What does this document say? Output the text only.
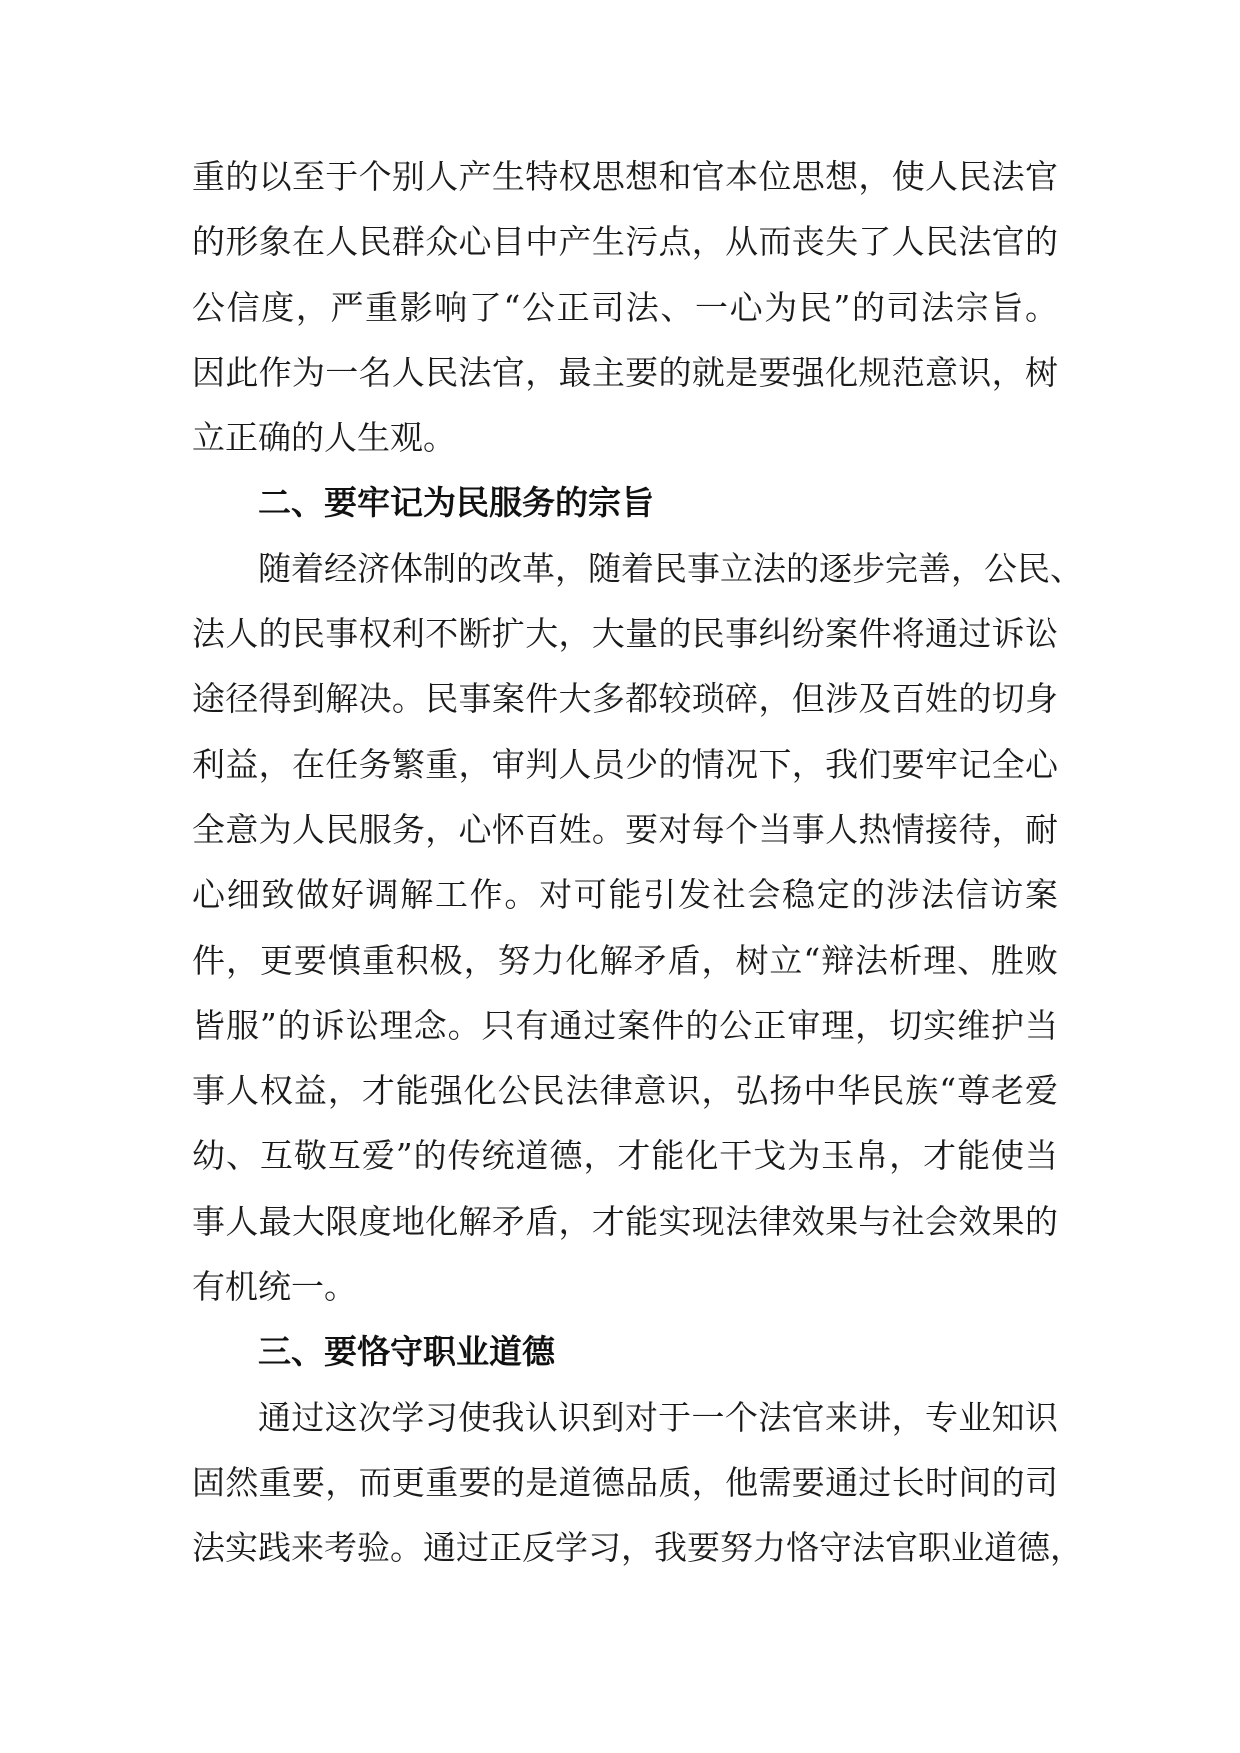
重的以至于个别人产生特权思想和官本位思想，使人民法官
的形象在人民群众心目中产生污点，从而丧失了人民法官的
公信度，严重影响了“公正司法、一心为民”的司法宗旨。
因此作为一名人民法官，最主要的就是要强化规范意识，树
立正确的人生观。
二、要牢记为民服务的宗旨
随着经济体制的改革，随着民事立法的逐步完善，公民、
法人的民事权利不断扩大，大量的民事纠纷案件将通过诉讼
途径得到解决。民事案件大多都较琐碎，但涉及百姓的切身
利益，在任务繁重，审判人员少的情况下，我们要牢记全心
全意为人民服务，心怀百姓。要对每个当事人热情接待，耐
心细致做好调解工作。对可能引发社会稳定的涉法信访案
件，更要慎重积极，努力化解矛盾，树立“辩法析理、胜败
皆服”的诉讼理念。只有通过案件的公正审理，切实维护当
事人权益，才能强化公民法律意识，弘扬中华民族“尊老爱
幼、互敬互爱”的传统道德，才能化干戈为玉帛，才能使当
事人最大限度地化解矛盾，才能实现法律效果与社会效果的
有机统一。
三、要恪守职业道德
通过这次学习使我认识到对于一个法官来讲，专业知识
固然重要，而更重要的是道德品质，他需要通过长时间的司
法实践来考验。通过正反学习，我要努力恪守法官职业道德，
